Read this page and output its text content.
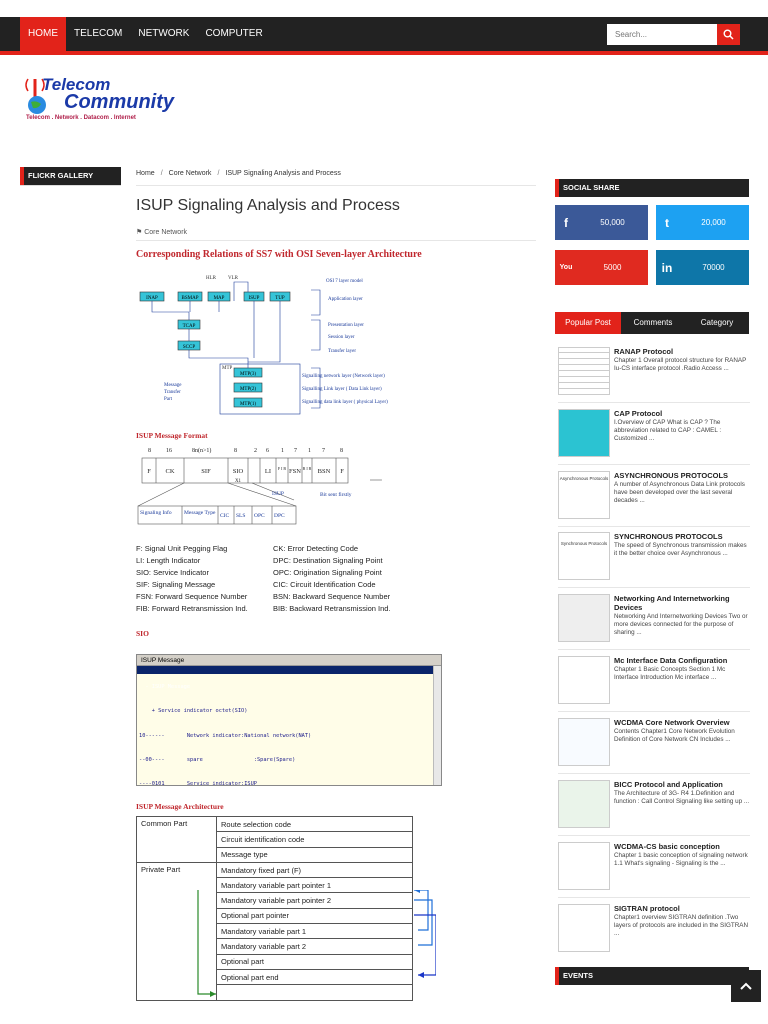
HOME	TELECOM	NETWORK	COMPUTER
Search...
Telecom
Community
Telecom . Network . Datacom . Internet
FLICKR GALLERY	Home / Core Network / ISUP Signaling Analysis and Process
ISUP Signaling Analysis and Process
⚑ Core Network
Corresponding Relations of SS7 with OSI Seven-layer Architecture
INAP	BSMAP	MAP	ISUP	TUP
TCAP
SCCP
MTP(3)
MTP(2)
MTP(1)
HLR VLR
MTP
Message
Transfer
Part
OSI 7 layer model
Application layer
Presentation layer
Session layer
Transfer layer
Signalling network layer (Network layer)
Signalling Link layer ( Data Link layer)
Signalling data link layer ( physical Layer)
ISUP Message Format
8	16	8n(n>1)	8	2 6 1 7 1 7	8
F CK	SIF	SIO	LI F I B FSN B I B BSN F
X1
Signaling Info Message Type CIC SLS OPC DPC
ISUP	Bit sent firstly
F: Signal Unit Pegging Flag	CK: Error Detecting Code
LI: Length Indicator	DPC: Destination Signaling Point
SIO: Service Indicator	OPC: Origination Signaling Point
SIF: Signaling Message	CIC: Circuit Identification Code
FSN: Forward Sequence Number	BSN: Backward Sequence Number
FIB: Forward Retransmission Ind.	BIB: Backward Retransmission Ind.
SIO
ISUP Message

- ISUP Message

+ Service indicator octet(SIO)

10------       Network indicator:National network(NAT)

--00----       spare                :Spare(Spare)

----0101       Service indicator:ISUP

ISUP Message Architecture
Common Part	Route selection code
	Circuit identification code
	Message type
Private Part	Mandatory fixed part (F)
	Mandatory variable part pointer 1
	Mandatory variable part pointer 2
	Optional part pointer
	Mandatory variable part 1
	Mandatory variable part 2
	Optional part
	Optional part end

SOCIAL SHARE
f	50,000	t	20,000
You	5000	in	70000
Popular Post	Comments	Category
RANAP Protocol
Chapter 1 Overall protocol structure for RANAP Iu-CS interface protocol .Radio Access ...
CAP Protocol
I.Overview of CAP What is CAP ? The abbreviation related to CAP : CAMEL : Customized ...
Asynchronous Protocols ASYNCHRONOUS PROTOCOLS
A number of Asynchronous Data Link protocols have been developed over the last several decades ...
Synchronous Protocols
SYNCHRONOUS PROTOCOLS
The speed of Synchronous transmission makes it the better choice over Asynchronous ...
Networking And Internetworking Devices
Networking And Internetworking Devices Two or more devices connected for the purpose of sharing ...
Mc Interface Data Configuration
Chapter 1 Basic Concepts Section 1 Mc Interface Introduction Mc interface ...
WCDMA Core Network Overview
Contents Chapter1 Core Network Evolution Definition of Core Network CN Includes ...
BICC Protocol and Application
The Architecture of 3G- R4 1.Definition and function : Call Control Signaling like setting up ...
WCDMA-CS basic conception
Chapter 1 basic conception of signaling network 1.1 What's signaling - Signaling is the ...
SIGTRAN protocol
Chapter1 overview SIGTRAN definition .Two layers of protocols are included in the SIGTRAN ...
EVENTS
